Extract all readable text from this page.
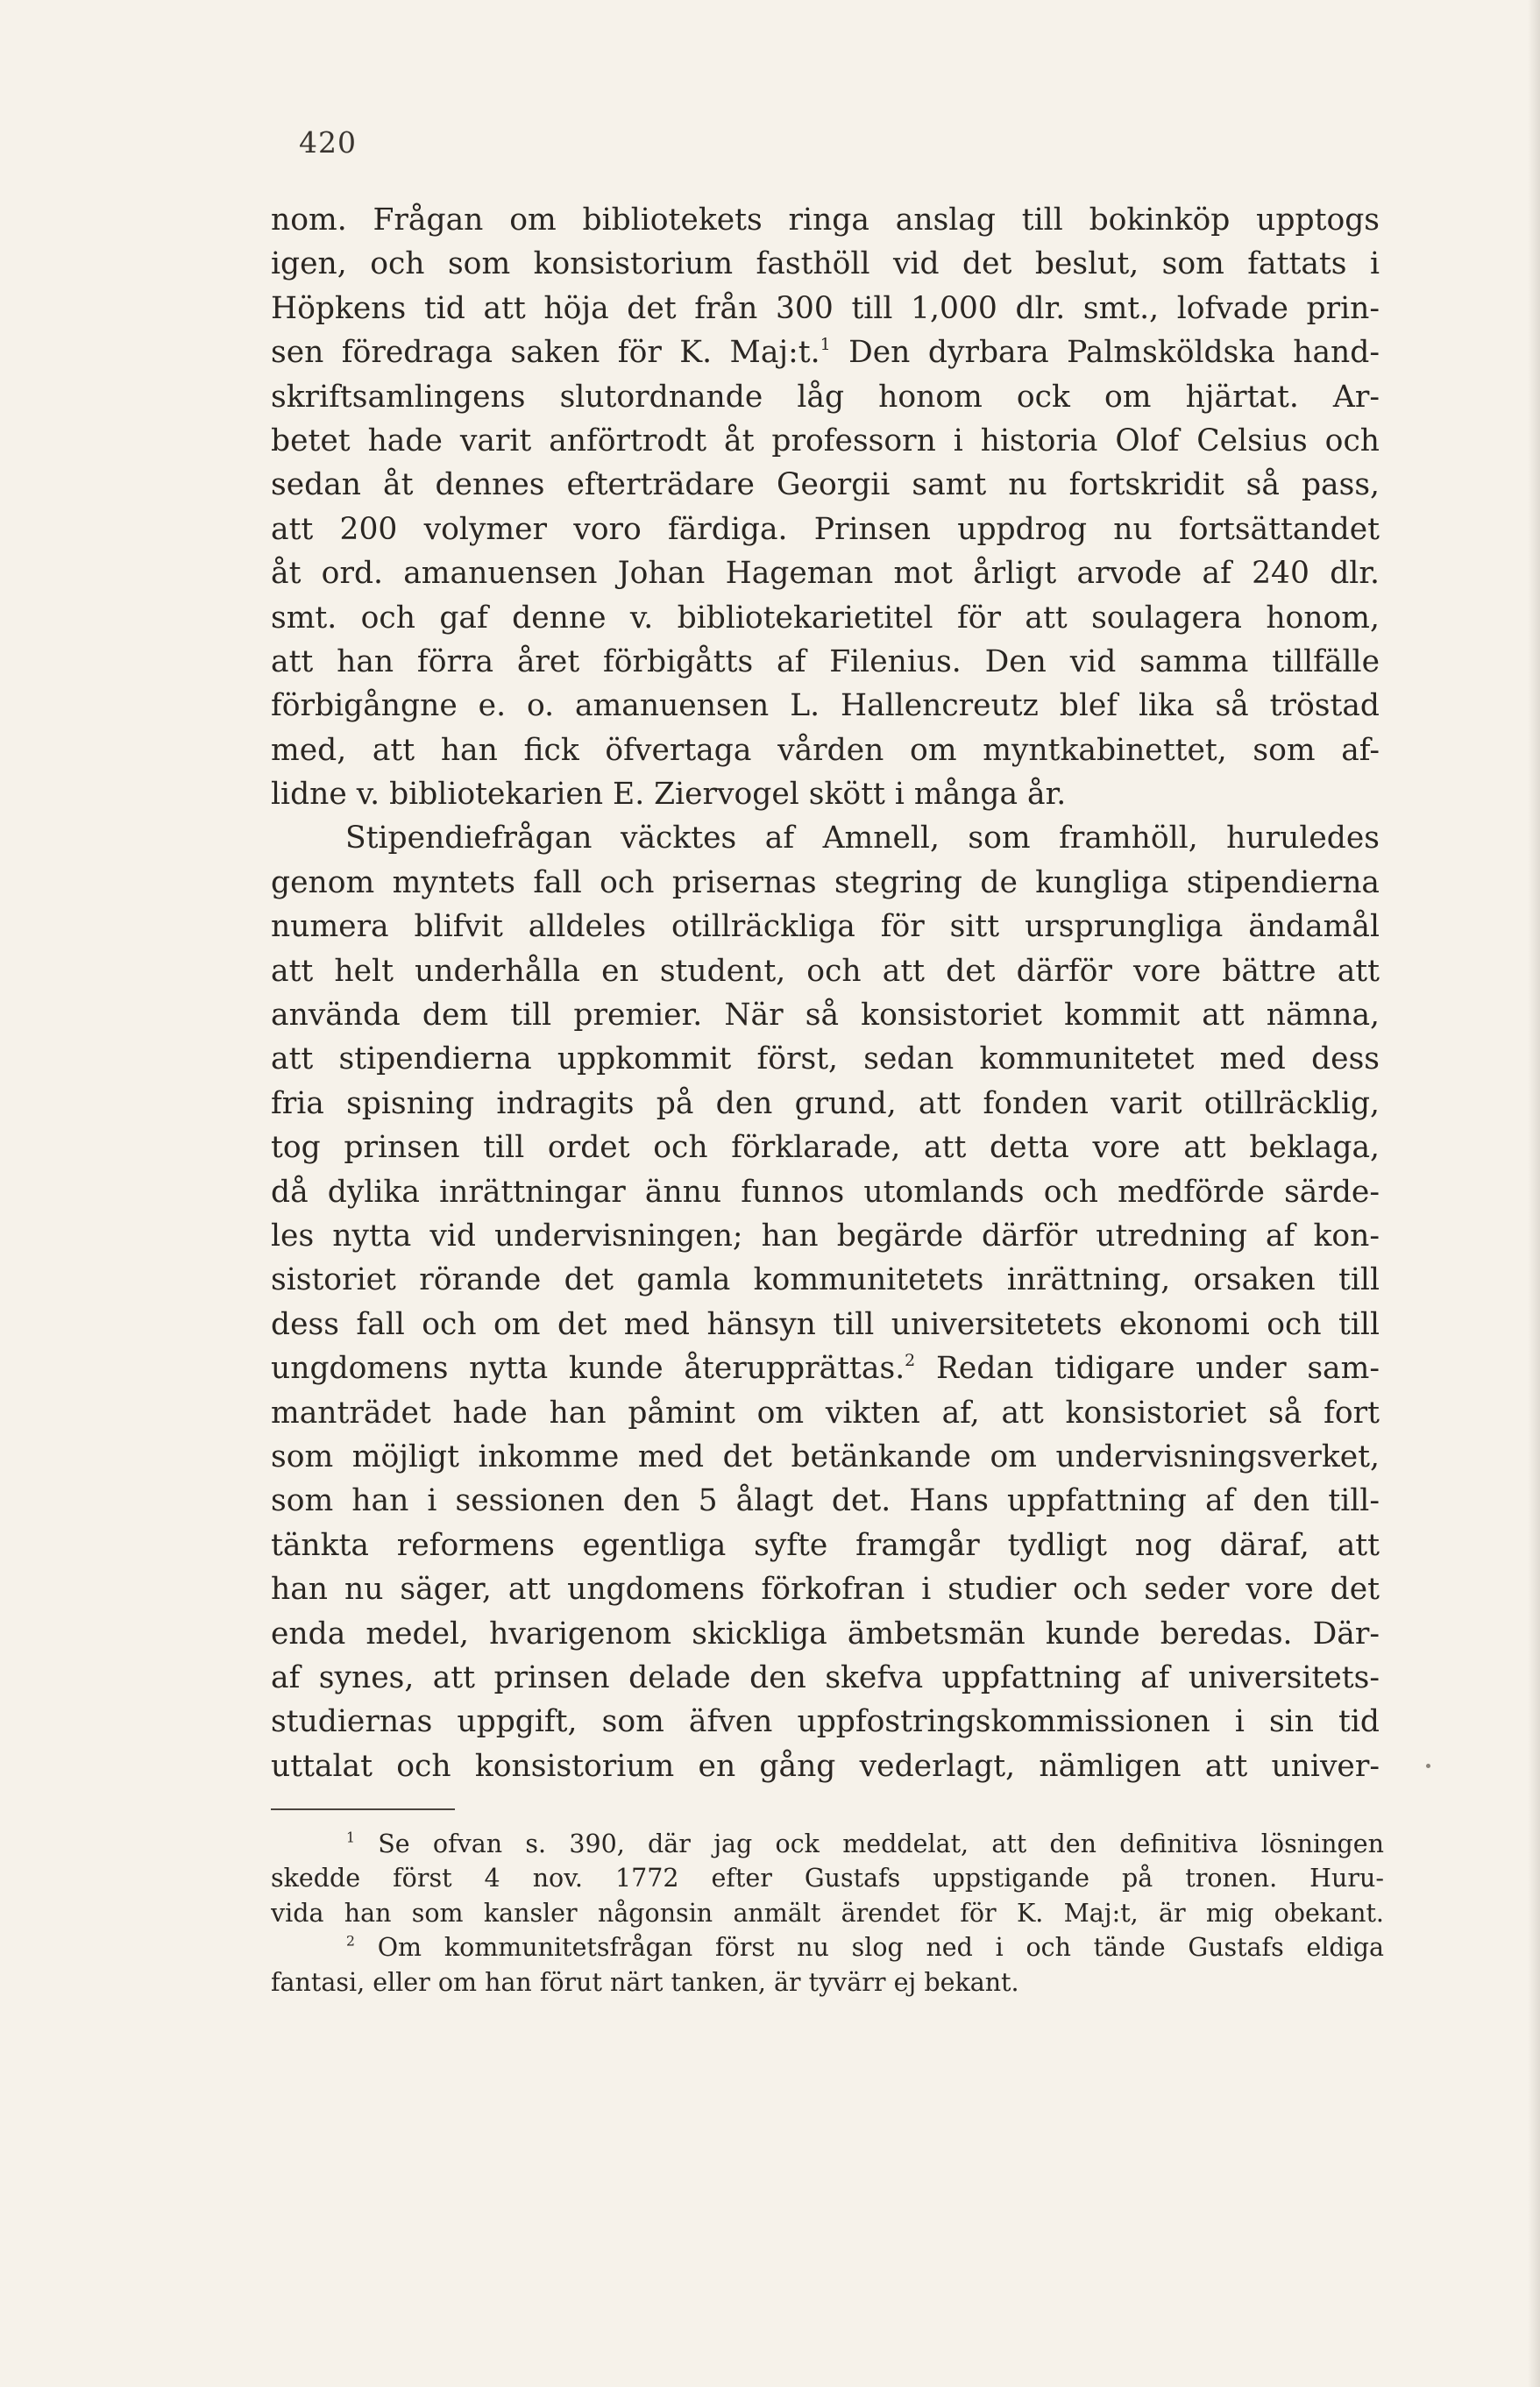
420
nom. Frågan om bibliotekets ringa anslag till bokinköp upptogs
igen, och som konsistorium fasthöll vid det beslut, som fattats i
Höpkens tid att höja det från 300 till 1,000 dlr. smt., lofvade prin-
sen föredraga saken för K. Maj:t.$^1$ Den dyrbara Palmsköldska hand-
skriftsamlingens slutordnande låg honom ock om hjärtat. Ar-
betet hade varit anförtrodt åt professorn i historia Olof Celsius och
sedan åt dennes efterträdare Georgii samt nu fortskridit så pass,
att 200 volymer voro färdiga. Prinsen uppdrog nu fortsättandet
åt ord. amanuensen Johan Hageman mot årligt arvode af 240 dlr.
smt. och gaf denne v. bibliotekarietitel för att soulagera honom,
att han förra året förbigåtts af Filenius. Den vid samma tillfälle
förbigångne e. o. amanuensen L. Hallencreutz blef lika så tröstad
med, att han fick öfvertaga vården om myntkabinettet, som af-
lidne v. bibliotekarien E. Ziervogel skött i många år.
Stipendiefrågan väcktes af Amnell, som framhöll, huruledes
genom myntets fall och prisernas stegring de kungliga stipendierna
numera blifvit alldeles otillräckliga för sitt ursprungliga ändamål
att helt underhålla en student, och att det därför vore bättre att
använda dem till premier. När så konsistoriet kommit att nämna,
att stipendierna uppkommit först, sedan kommunitetet med dess
fria spisning indragits på den grund, att fonden varit otillräcklig,
tog prinsen till ordet och förklarade, att detta vore att beklaga,
då dylika inrättningar ännu funnos utomlands och medförde särde-
les nytta vid undervisningen; han begärde därför utredning af kon-
sistoriet rörande det gamla kommunitetets inrättning, orsaken till
dess fall och om det med hänsyn till universitetets ekonomi och till
ungdomens nytta kunde återupprättas.$^2$ Redan tidigare under sam-
manträdet hade han påmint om vikten af, att konsistoriet så fort
som möjligt inkomme med det betänkande om undervisningsverket,
som han i sessionen den 5 ålagt det. Hans uppfattning af den till-
tänkta reformens egentliga syfte framgår tydligt nog däraf, att
han nu säger, att ungdomens förkofran i studier och seder vore det
enda medel, hvarigenom skickliga ämbetsmän kunde beredas. Där-
af synes, att prinsen delade den skefva uppfattning af universitets-
studiernas uppgift, som äfven uppfostringskommissionen i sin tid
uttalat och konsistorium en gång vederlagt, nämligen att univer-
$^1$ Se ofvan s. 390, där jag ock meddelat, att den definitiva lösningen
skedde först 4 nov. 1772 efter Gustafs uppstigande på tronen. Huru-
vida han som kansler någonsin anmält ärendet för K. Maj:t, är mig obekant.
$^2$ Om kommunitetsfrågan först nu slog ned i och tände Gustafs eldiga
fantasi, eller om han förut närt tanken, är tyvärr ej bekant.
